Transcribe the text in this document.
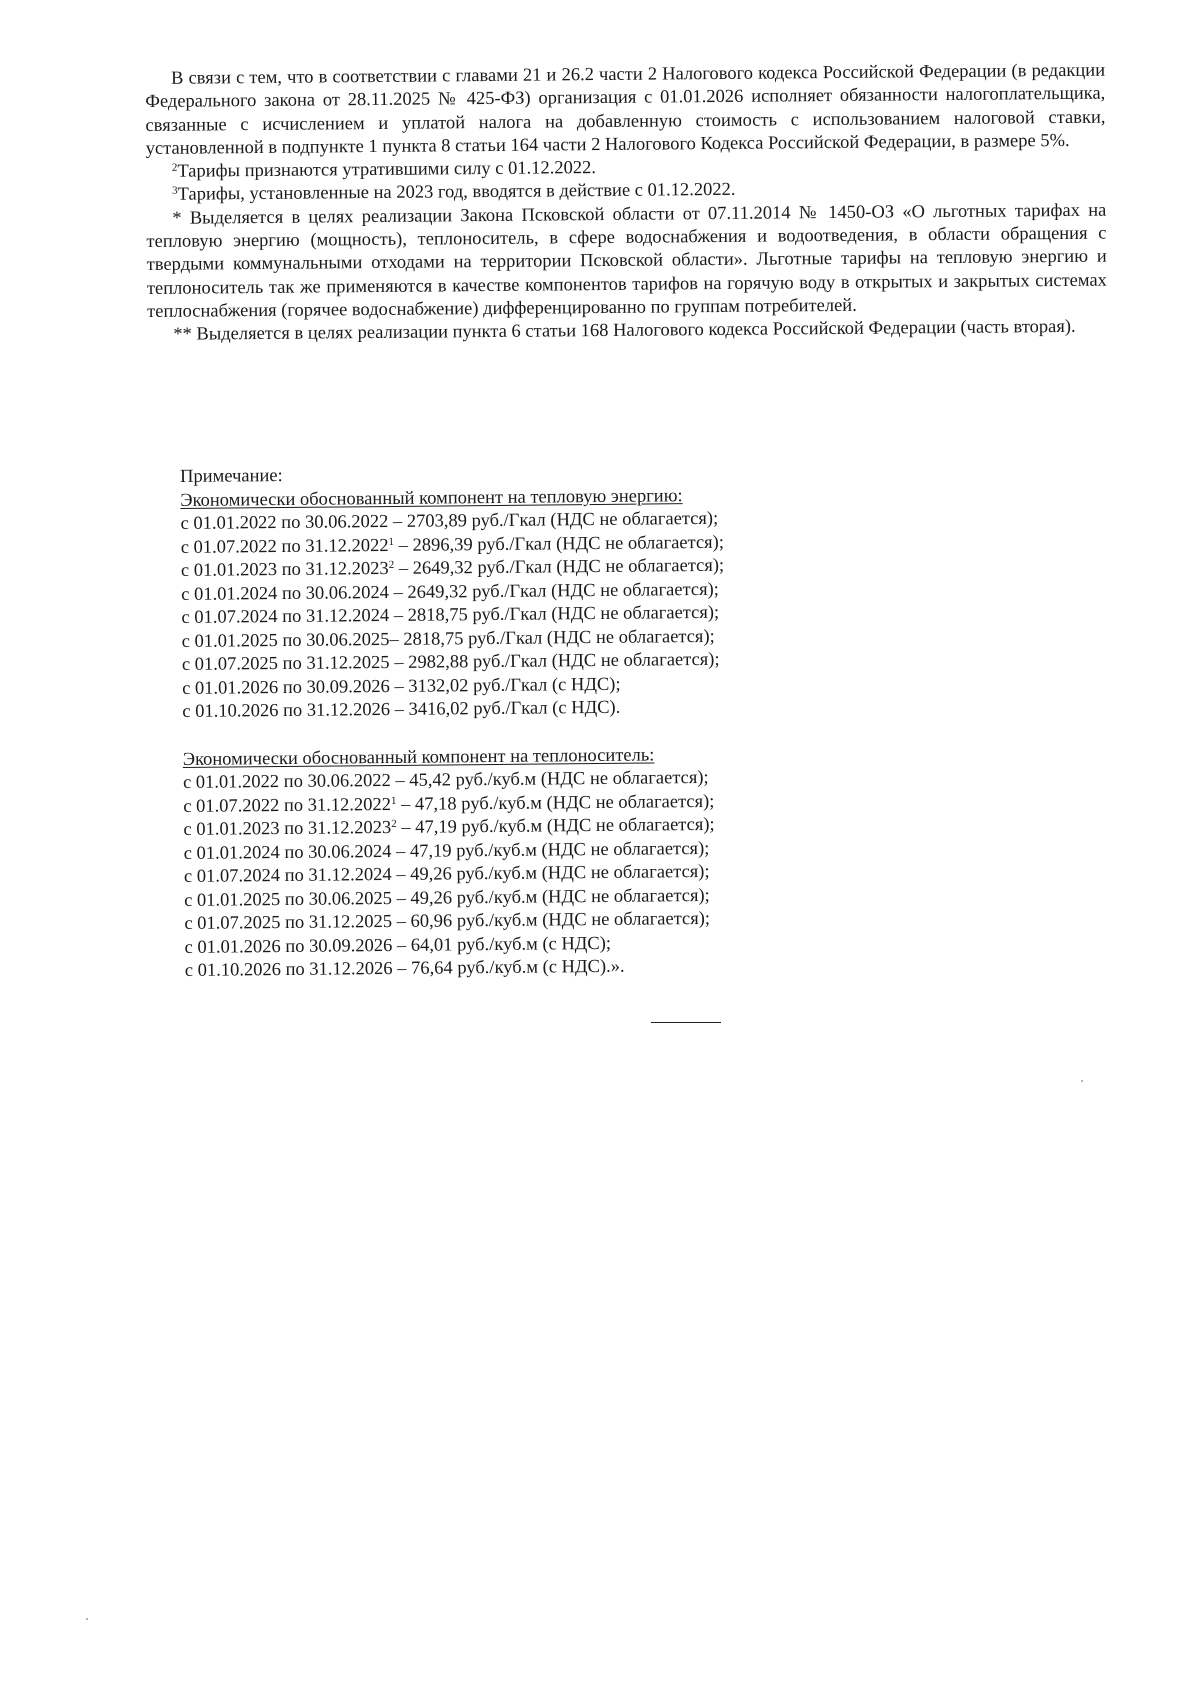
В связи с тем, что в соответствии с главами 21 и 26.2 части 2 Налогового кодекса Российской Федерации (в редакции Федерального закона от 28.11.2025 № 425-ФЗ) организация с 01.01.2026 исполняет обязанности налогоплательщика, связанные с исчислением и уплатой налога на добавленную стоимость с использованием налоговой ставки, установленной в подпункте 1 пункта 8 статьи 164 части 2 Налогового Кодекса Российской Федерации, в размере 5%.

$^2$Тарифы признаются утратившими силу с 01.12.2022.

$^3$Тарифы, установленные на 2023 год, вводятся в действие с 01.12.2022.

* Выделяется в целях реализации Закона Псковской области от 07.11.2014 № 1450-ОЗ «О льготных тарифах на тепловую энергию (мощность), теплоноситель, в сфере водоснабжения и водоотведения, в области обращения с твердыми коммунальными отходами на территории Псковской области». Льготные тарифы на тепловую энергию и теплоноситель так же применяются в качестве компонентов тарифов на горячую воду в открытых и закрытых системах теплоснабжения (горячее водоснабжение) дифференцированно по группам потребителей.

** Выделяется в целях реализации пункта 6 статьи 168 Налогового кодекса Российской Федерации (часть вторая).

Примечание:

Экономически обоснованный компонент на тепловую энергию:

с 01.01.2022 по 30.06.2022 – 2703,89 руб./Гкал (НДС не облагается);
с 01.07.2022 по 31.12.2022$^1$ – 2896,39 руб./Гкал (НДС не облагается);
с 01.01.2023 по 31.12.2023$^2$ – 2649,32 руб./Гкал (НДС не облагается);
с 01.01.2024 по 30.06.2024 – 2649,32 руб./Гкал (НДС не облагается);
с 01.07.2024 по 31.12.2024 – 2818,75 руб./Гкал (НДС не облагается);
с 01.01.2025 по 30.06.2025– 2818,75 руб./Гкал (НДС не облагается);
с 01.07.2025 по 31.12.2025 – 2982,88 руб./Гкал (НДС не облагается);
с 01.01.2026 по 30.09.2026 – 3132,02 руб./Гкал (с НДС);
с 01.10.2026 по 31.12.2026 – 3416,02 руб./Гкал (с НДС).

Экономически обоснованный компонент на теплоноситель:

с 01.01.2022 по 30.06.2022 – 45,42 руб./куб.м (НДС не облагается);
с 01.07.2022 по 31.12.2022$^1$ – 47,18 руб./куб.м (НДС не облагается);
с 01.01.2023 по 31.12.2023$^2$ – 47,19 руб./куб.м (НДС не облагается);
с 01.01.2024 по 30.06.2024 – 47,19 руб./куб.м (НДС не облагается);
с 01.07.2024 по 31.12.2024 – 49,26 руб./куб.м (НДС не облагается);
с 01.01.2025 по 30.06.2025 – 49,26 руб./куб.м (НДС не облагается);
с 01.07.2025 по 31.12.2025 – 60,96 руб./куб.м (НДС не облагается);
с 01.01.2026 по 30.09.2026 – 64,01 руб./куб.м (с НДС);
с 01.10.2026 по 31.12.2026 – 76,64 руб./куб.м (с НДС).».
